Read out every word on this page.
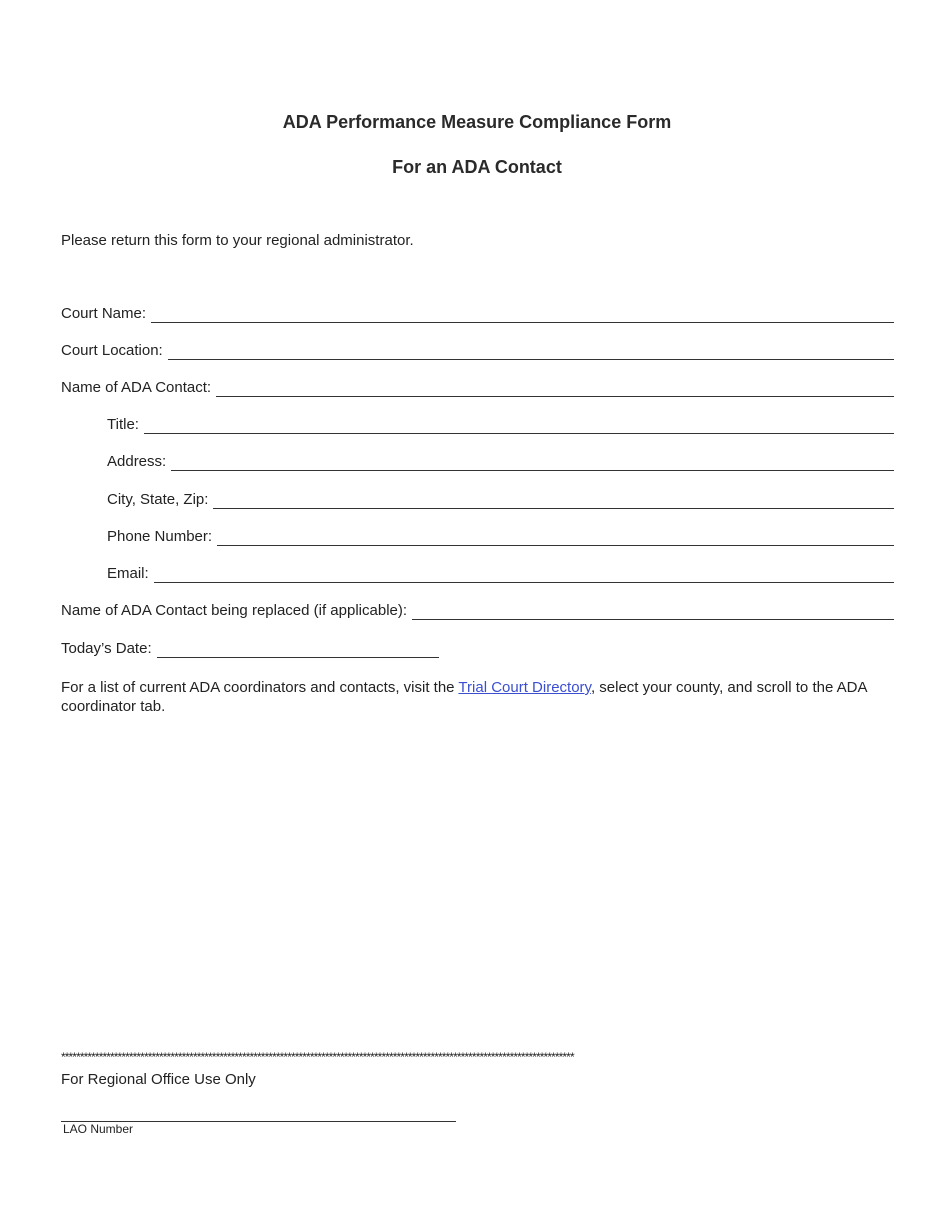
ADA Performance Measure Compliance Form
For an ADA Contact
Please return this form to your regional administrator.
Court Name:
Court Location:
Name of ADA Contact:
Title:
Address:
City, State, Zip:
Phone Number:
Email:
Name of ADA Contact being replaced (if applicable):
Today’s Date:
For a list of current ADA coordinators and contacts, visit the Trial Court Directory, select your county, and scroll to the ADA coordinator tab.
****************************************************************************************************************************************
For Regional Office Use Only
LAO Number
